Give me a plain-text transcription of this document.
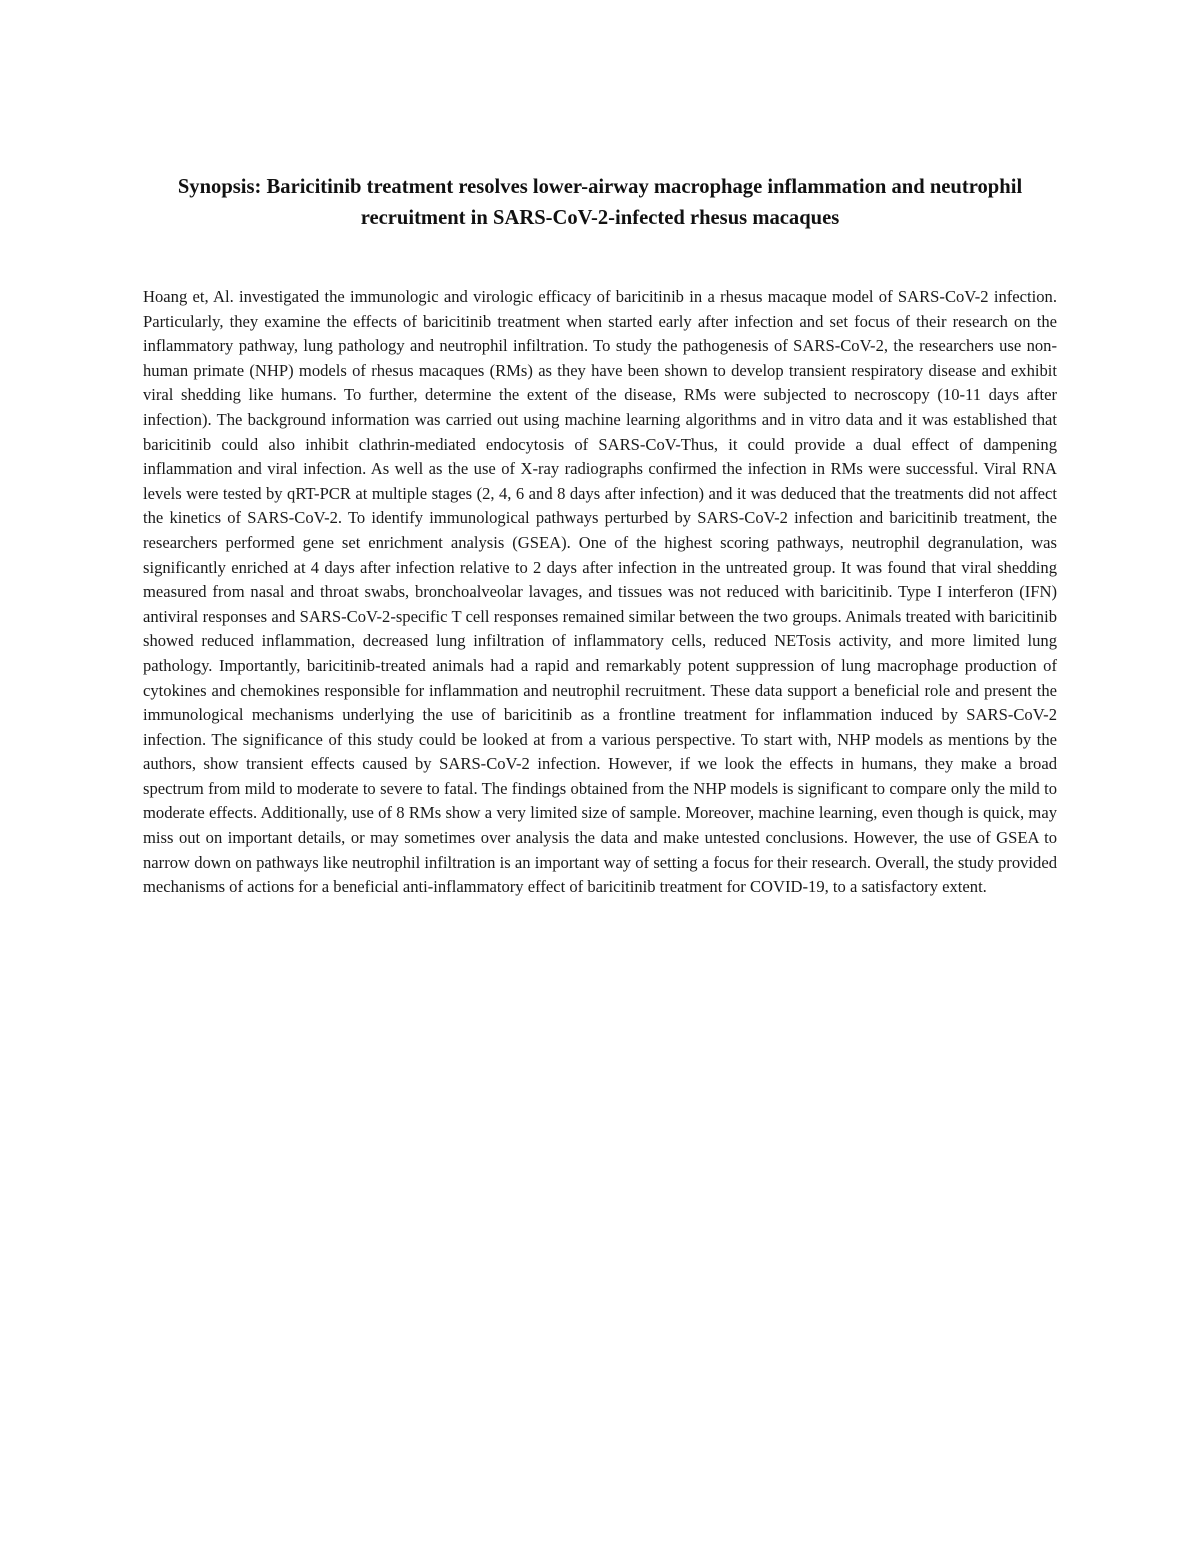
Synopsis: Baricitinib treatment resolves lower-airway macrophage inflammation and neutrophil recruitment in SARS-CoV-2-infected rhesus macaques

Hoang et, Al. investigated the immunologic and virologic efficacy of baricitinib in a rhesus macaque model of SARS-CoV-2 infection. Particularly, they examine the effects of baricitinib treatment when started early after infection and set focus of their research on the inflammatory pathway, lung pathology and neutrophil infiltration. To study the pathogenesis of SARS-CoV-2, the researchers use non-human primate (NHP) models of rhesus macaques (RMs) as they have been shown to develop transient respiratory disease and exhibit viral shedding like humans. To further, determine the extent of the disease, RMs were subjected to necroscopy (10-11 days after infection). The background information was carried out using machine learning algorithms and in vitro data and it was established that baricitinib could also inhibit clathrin-mediated endocytosis of SARS-CoV-Thus, it could provide a dual effect of dampening inflammation and viral infection. As well as the use of X-ray radiographs confirmed the infection in RMs were successful. Viral RNA levels were tested by qRT-PCR at multiple stages (2, 4, 6 and 8 days after infection) and it was deduced that the treatments did not affect the kinetics of SARS-CoV-2. To identify immunological pathways perturbed by SARS-CoV-2 infection and baricitinib treatment, the researchers performed gene set enrichment analysis (GSEA). One of the highest scoring pathways, neutrophil degranulation, was significantly enriched at 4 days after infection relative to 2 days after infection in the untreated group. It was found that viral shedding measured from nasal and throat swabs, bronchoalveolar lavages, and tissues was not reduced with baricitinib. Type I interferon (IFN) antiviral responses and SARS-CoV-2-specific T cell responses remained similar between the two groups. Animals treated with baricitinib showed reduced inflammation, decreased lung infiltration of inflammatory cells, reduced NETosis activity, and more limited lung pathology. Importantly, baricitinib-treated animals had a rapid and remarkably potent suppression of lung macrophage production of cytokines and chemokines responsible for inflammation and neutrophil recruitment. These data support a beneficial role and present the immunological mechanisms underlying the use of baricitinib as a frontline treatment for inflammation induced by SARS-CoV-2 infection. The significance of this study could be looked at from a various perspective. To start with, NHP models as mentions by the authors, show transient effects caused by SARS-CoV-2 infection. However, if we look the effects in humans, they make a broad spectrum from mild to moderate to severe to fatal. The findings obtained from the NHP models is significant to compare only the mild to moderate effects. Additionally, use of 8 RMs show a very limited size of sample. Moreover, machine learning, even though is quick, may miss out on important details, or may sometimes over analysis the data and make untested conclusions. However, the use of GSEA to narrow down on pathways like neutrophil infiltration is an important way of setting a focus for their research. Overall, the study provided mechanisms of actions for a beneficial anti-inflammatory effect of baricitinib treatment for COVID-19, to a satisfactory extent.
